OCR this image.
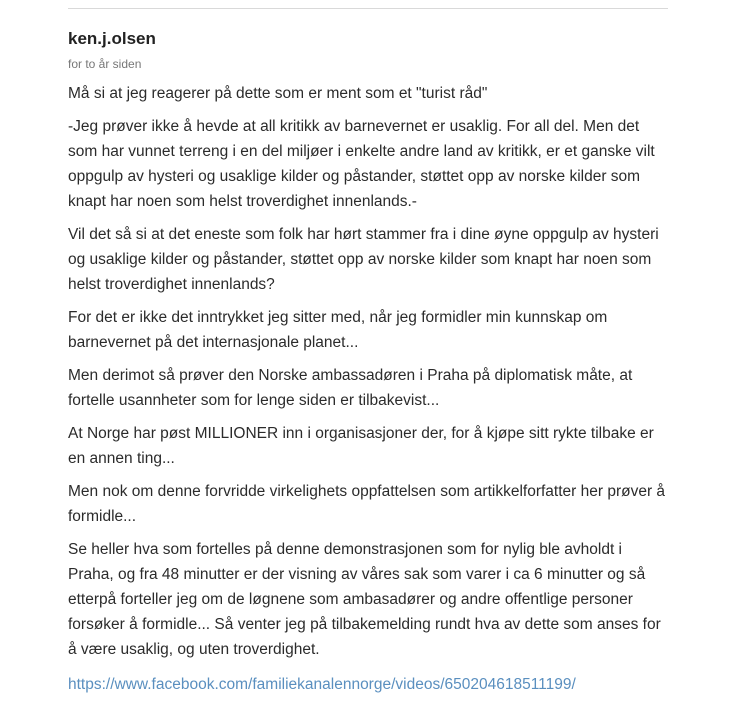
ken.j.olsen
for to år siden

Må si at jeg reagerer på dette som er ment som et "turist råd"

-Jeg prøver ikke å hevde at all kritikk av barnevernet er usaklig. For all del. Men det som har vunnet terreng i en del miljøer i enkelte andre land av kritikk, er et ganske vilt oppgulp av hysteri og usaklige kilder og påstander, støttet opp av norske kilder som knapt har noen som helst troverdighet innenlands.-

Vil det så si at det eneste som folk har hørt stammer fra i dine øyne oppgulp av hysteri og usaklige kilder og påstander, støttet opp av norske kilder som knapt har noen som helst troverdighet innenlands?

For det er ikke det inntrykket jeg sitter med, når jeg formidler min kunnskap om barnevernet på det internasjonale planet...

Men derimot så prøver den Norske ambassadøren i Praha på diplomatisk måte, at fortelle usannheter som for lenge siden er tilbakevist...

At Norge har pøst MILLIONER inn i organisasjoner der, for å kjøpe sitt rykte tilbake er en annen ting...

Men nok om denne forvridde virkelighets oppfattelsen som artikkelforfatter her prøver å formidle...

Se heller hva som fortelles på denne demonstrasjonen som for nylig ble avholdt i Praha, og fra 48 minutter er der visning av våres sak som varer i ca 6 minutter og så etterpå forteller jeg om de løgnene som ambasadører og andre offentlige personer forsøker å formidle... Så venter jeg på tilbakemelding rundt hva av dette som anses for å være usaklig, og uten troverdighet.

https://www.facebook.com/familiekanalennorge/videos/650204618511199/
